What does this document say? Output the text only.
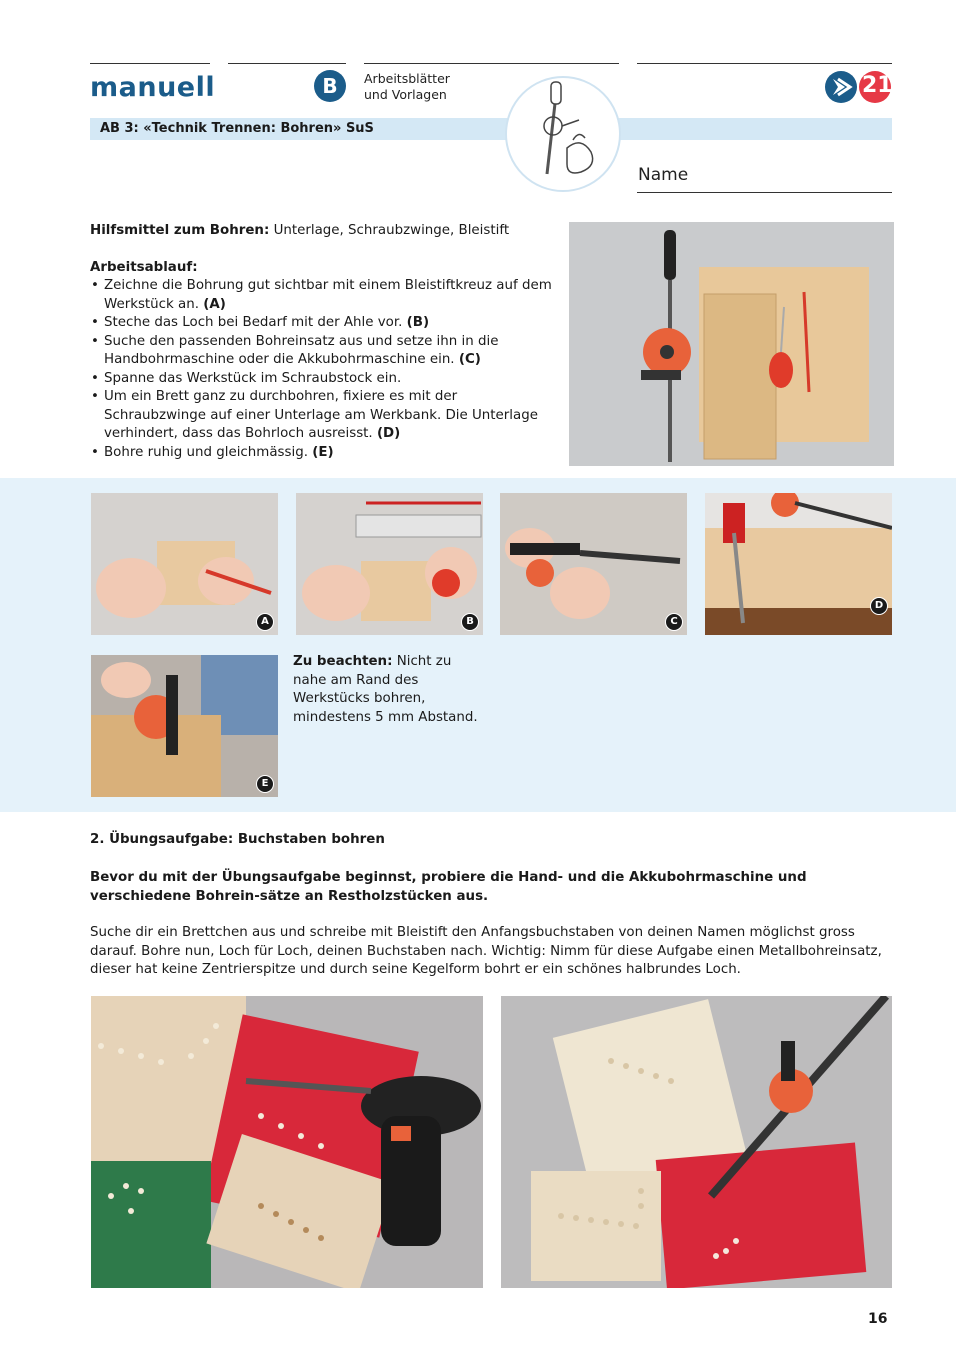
manuell	B	Arbeitsblätter
und Vorlagen	21
AB 3: «Technik Trennen: Bohren» SuS
Name
Hilfsmittel zum Bohren: Unterlage, Schraubzwinge, Bleistift
Arbeitsablauf:
• Zeichne die Bohrung gut sichtbar mit einem Bleistiftkreuz auf dem Werkstück an. (A)
• Steche das Loch bei Bedarf mit der Ahle vor. (B)
• Suche den passenden Bohreinsatz aus und setze ihn in die Handbohrmaschine oder die Akkubohrmaschine ein. (C)
• Spanne das Werkstück im Schraubstock ein.
• Um ein Brett ganz zu durchbohren, fixiere es mit der Schraubzwinge auf einer Unterlage am Werkbank. Die Unterlage verhindert, dass das Bohrloch ausreisst. (D)
• Bohre ruhig und gleichmässig. (E)
A	B	C
D
E
Zu beachten: Nicht zu nahe am Rand des Werkstücks bohren, mindestens 5 mm Abstand.
2. Übungsaufgabe: Buchstaben bohren
Bevor du mit der Übungsaufgabe beginnst, probiere die Hand- und die Akkubohrmaschine und verschiedene Bohrein-sätze an Restholzstücken aus.
Suche dir ein Brettchen aus und schreibe mit Bleistift den Anfangsbuchstaben von deinen Namen möglichst gross darauf. Bohre nun, Loch für Loch, deinen Buchstaben nach. Wichtig: Nimm für diese Aufgabe einen Metallbohreinsatz, dieser hat keine Zentrierspitze und durch seine Kegelform bohrt er ein schönes halbrundes Loch.
16
